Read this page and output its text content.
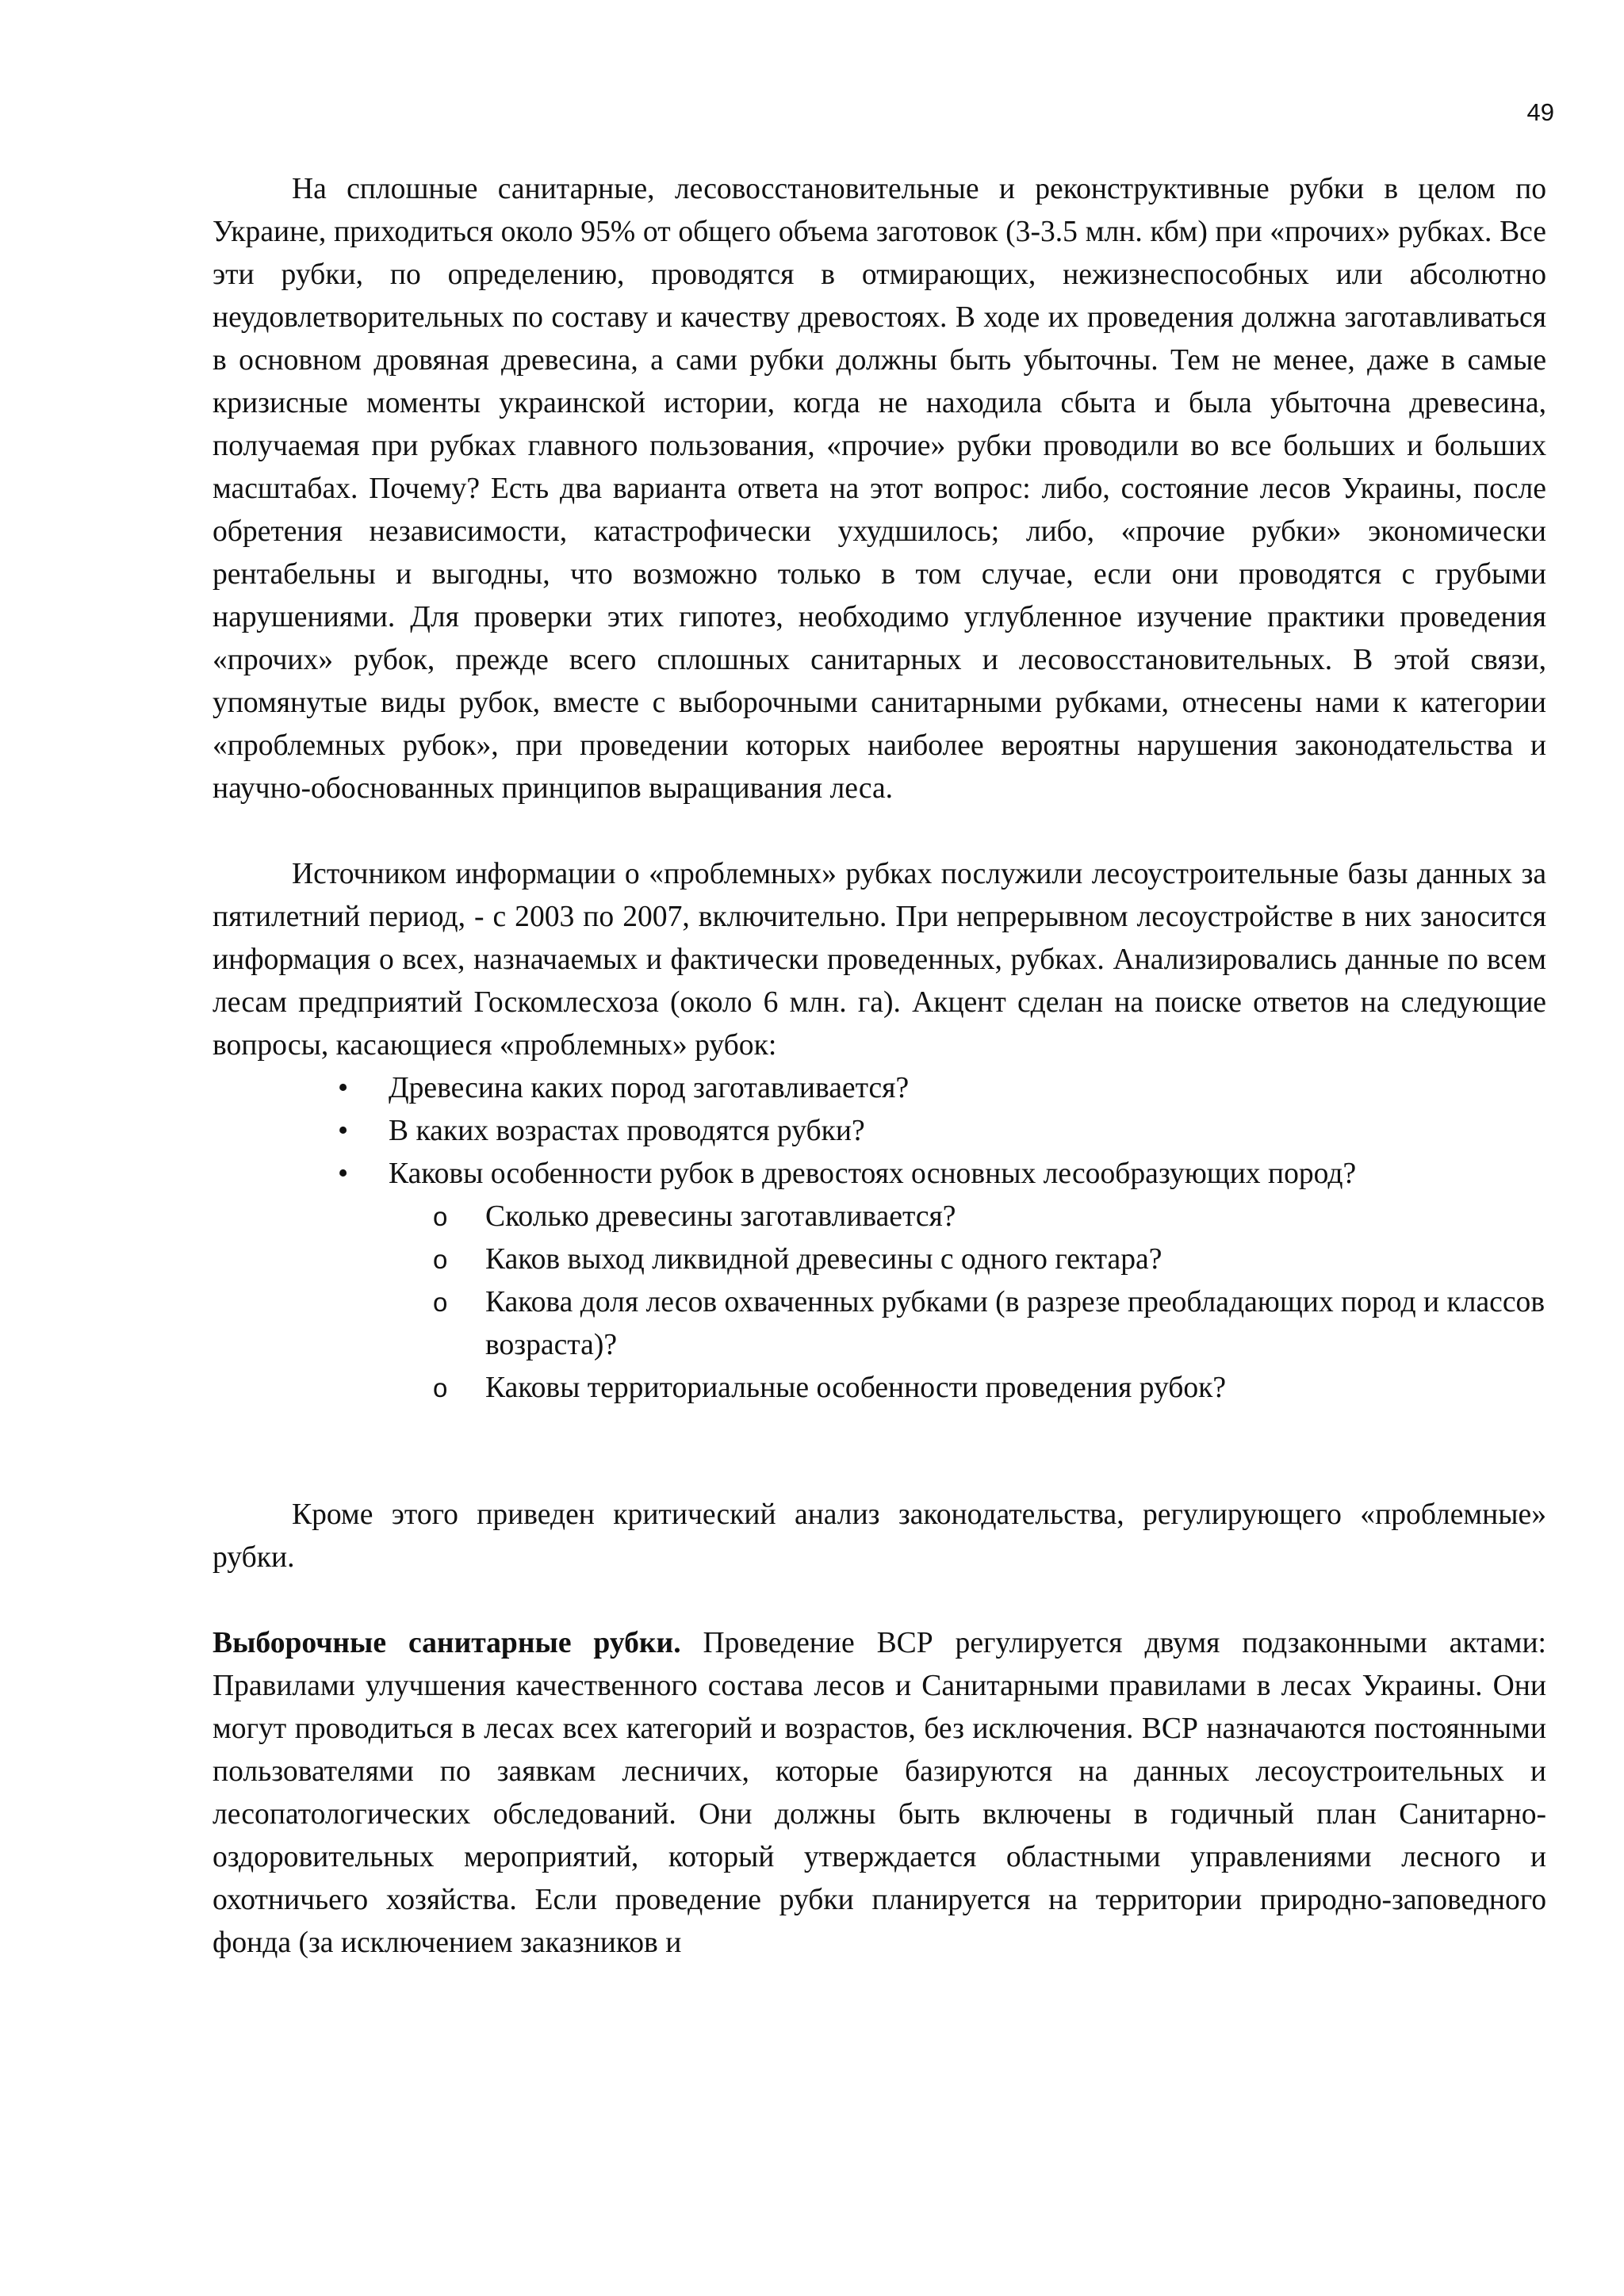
49

На сплошные санитарные, лесовосстановительные и реконструктивные рубки в целом по Украине, приходиться около 95% от общего объема заготовок (3-3.5 млн. кбм) при «прочих» рубках. Все эти рубки, по определению, проводятся в отмирающих, нежизнеспособных или абсолютно неудовлетворительных по составу и качеству древостоях. В ходе их проведения должна заготавливаться в основном дровяная древесина, а сами рубки должны быть убыточны. Тем не менее, даже в самые кризисные моменты украинской истории, когда не находила сбыта и была убыточна древесина, получаемая при рубках главного пользования, «прочие» рубки проводили во все больших и больших масштабах. Почему? Есть два варианта ответа на этот вопрос: либо, состояние лесов Украины, после обретения независимости, катастрофически ухудшилось; либо, «прочие рубки» экономически рентабельны и выгодны, что возможно только в том случае, если они проводятся с грубыми нарушениями. Для проверки этих гипотез, необходимо углубленное изучение практики проведения «прочих» рубок, прежде всего сплошных санитарных и лесовосстановительных. В этой связи, упомянутые виды рубок, вместе с выборочными санитарными рубками, отнесены нами к категории «проблемных рубок», при проведении которых наиболее вероятны нарушения законодательства и научно-обоснованных принципов выращивания леса.

Источником информации о «проблемных» рубках послужили лесоустроительные базы данных за пятилетний период, - с 2003 по 2007, включительно. При непрерывном лесоустройстве в них заносится информация о всех, назначаемых и фактически проведенных, рубках. Анализировались данные по всем лесам предприятий Госкомлесхоза (около 6 млн. га). Акцент сделан на поиске ответов на следующие вопросы, касающиеся «проблемных» рубок:

• Древесина каких пород заготавливается?
• В каких возрастах проводятся рубки?
• Каковы особенности рубок в древостоях основных лесообразующих пород?
o Сколько древесины заготавливается?
o Каков выход ликвидной древесины с одного гектара?
o Какова доля лесов охваченных рубками (в разрезе преобладающих пород и классов возраста)?
o Каковы территориальные особенности проведения рубок?

Кроме этого приведен критический анализ законодательства, регулирующего «проблемные» рубки.

Выборочные санитарные рубки. Проведение ВСР регулируется двумя подзаконными актами: Правилами улучшения качественного состава лесов и Санитарными правилами в лесах Украины. Они могут проводиться в лесах всех категорий и возрастов, без исключения. ВСР назначаются постоянными пользователями по заявкам лесничих, которые базируются на данных лесоустроительных и лесопатологических обследований. Они должны быть включены в годичный план Санитарно-оздоровительных мероприятий, который утверждается областными управлениями лесного и охотничьего хозяйства. Если проведение рубки планируется на территории природно-заповедного фонда (за исключением заказников и
